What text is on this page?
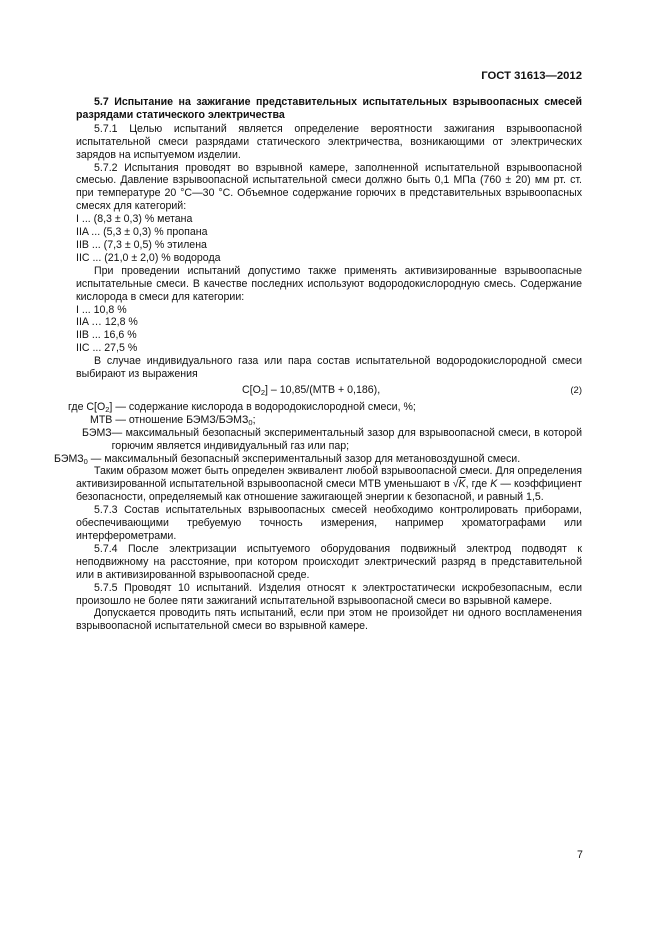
ГОСТ 31613—2012

5.7 Испытание на зажигание представительных испытательных взрывоопасных смесей разрядами статического электричества

5.7.1 Целью испытаний является определение вероятности зажигания взрывоопасной испытательной смеси разрядами статического электричества, возникающими от электрических зарядов на испытуемом изделии.

5.7.2 Испытания проводят во взрывной камере, заполненной испытательной взрывоопасной смесью. Давление взрывоопасной испытательной смеси должно быть 0,1 МПа (760 ± 20) мм рт. ст. при температуре 20 °С—30 °С. Объемное содержание горючих в представительных взрывоопасных смесях для категорий:

I ... (8,3 ± 0,3) % метана
IIA ... (5,3 ± 0,3) % пропана
IIB ... (7,3 ± 0,5) % этилена
IIC ... (21,0 ± 2,0) % водорода

При проведении испытаний допустимо также применять активизированные взрывоопасные испытательные смеси. В качестве последних используют водородокислородную смесь. Содержание кислорода в смеси для категории:

I ... 10,8 %
IIA … 12,8 %
IIB ... 16,6 %
IIC ... 27,5 %

В случае индивидуального газа или пара состав испытательной водородокислородной смеси выбирают из выражения

$C[O_2] - 10,85/(МТВ + 0,186)$,	(2)
где $C[O_2]$ — содержание кислорода в водородокислородной смеси, %;
МТВ — отношение БЭМЗ/$БЭМЗ_0$;
БЭМЗ — максимальный безопасный экспериментальный зазор для взрывоопасной смеси, в которой горючим является индивидуальный газ или пар;
$БЭМЗ_0$ — максимальный безопасный экспериментальный зазор для метановоздушной смеси.

Таким образом может быть определен эквивалент любой взрывоопасной смеси. Для определения активизированной испытательной взрывоопасной смеси МТВ уменьшают в √K, где K — коэффициент безопасности, определяемый как отношение зажигающей энергии к безопасной, и равный 1,5.

5.7.3 Состав испытательных взрывоопасных смесей необходимо контролировать приборами, обеспечивающими требуемую точность измерения, например хроматографами или интерферометрами.

5.7.4 После электризации испытуемого оборудования подвижный электрод подводят к неподвижному на расстояние, при котором происходит электрический разряд в представительной или в активизированной взрывоопасной среде.

5.7.5 Проводят 10 испытаний. Изделия относят к электростатически искробезопасным, если произошло не более пяти зажиганий испытательной взрывоопасной смеси во взрывной камере.

Допускается проводить пять испытаний, если при этом не произойдет ни одного воспламенения взрывоопасной испытательной смеси во взрывной камере.

7
